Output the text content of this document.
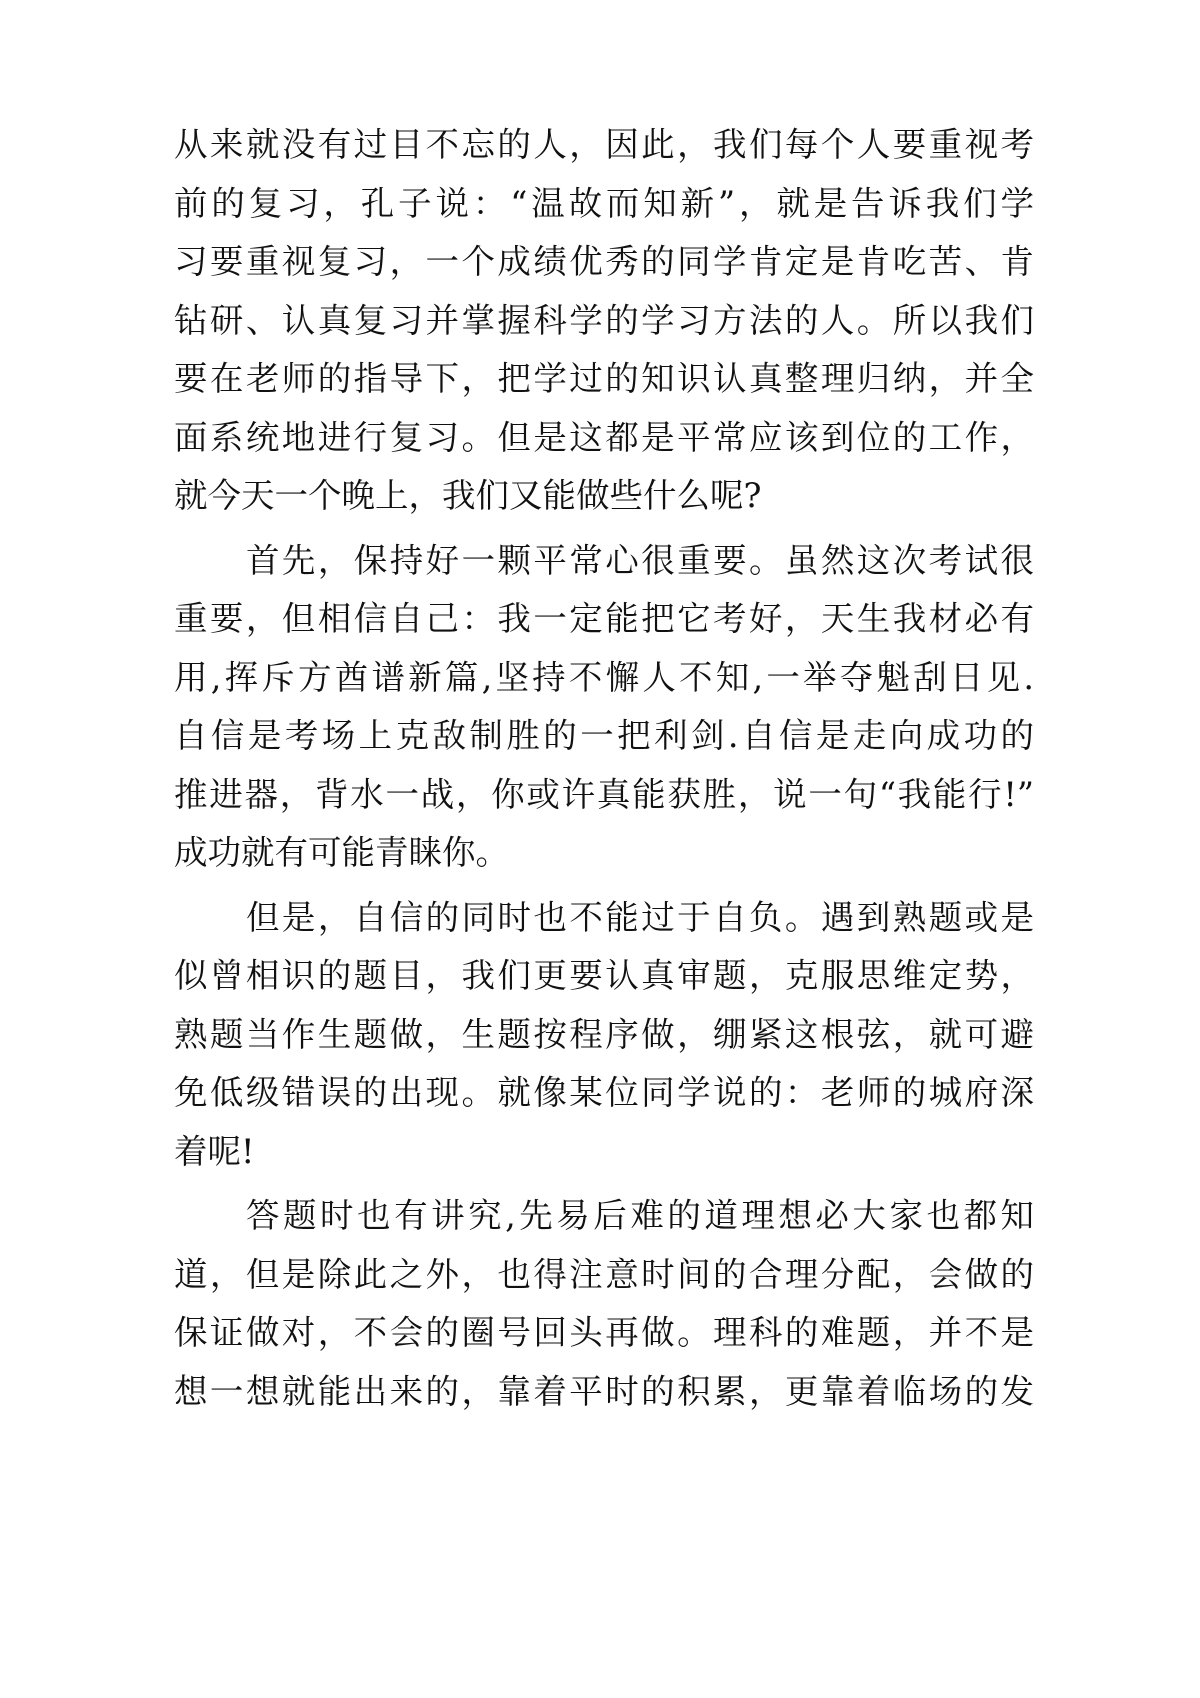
从来就没有过目不忘的人，因此，我们每个人要重视考
前的复习，孔子说：“温故而知新”，就是告诉我们学
习要重视复习，一个成绩优秀的同学肯定是肯吃苦、肯
钻研、认真复习并掌握科学的学习方法的人。所以我们
要在老师的指导下，把学过的知识认真整理归纳，并全
面系统地进行复习。但是这都是平常应该到位的工作，
就今天一个晚上，我们又能做些什么呢?
首先，保持好一颗平常心很重要。虽然这次考试很
重要，但相信自己：我一定能把它考好，天生我材必有
用,挥斥方酋谱新篇,坚持不懈人不知,一举夺魁刮日见.
自信是考场上克敌制胜的一把利剑.自信是走向成功的
推进器，背水一战，你或许真能获胜，说一句“我能行!”
成功就有可能青睐你。
但是，自信的同时也不能过于自负。遇到熟题或是
似曾相识的题目，我们更要认真审题，克服思维定势，
熟题当作生题做，生题按程序做，绷紧这根弦，就可避
免低级错误的出现。就像某位同学说的：老师的城府深
着呢!
答题时也有讲究,先易后难的道理想必大家也都知
道，但是除此之外，也得注意时间的合理分配，会做的
保证做对，不会的圈号回头再做。理科的难题，并不是
想一想就能出来的，靠着平时的积累，更靠着临场的发
